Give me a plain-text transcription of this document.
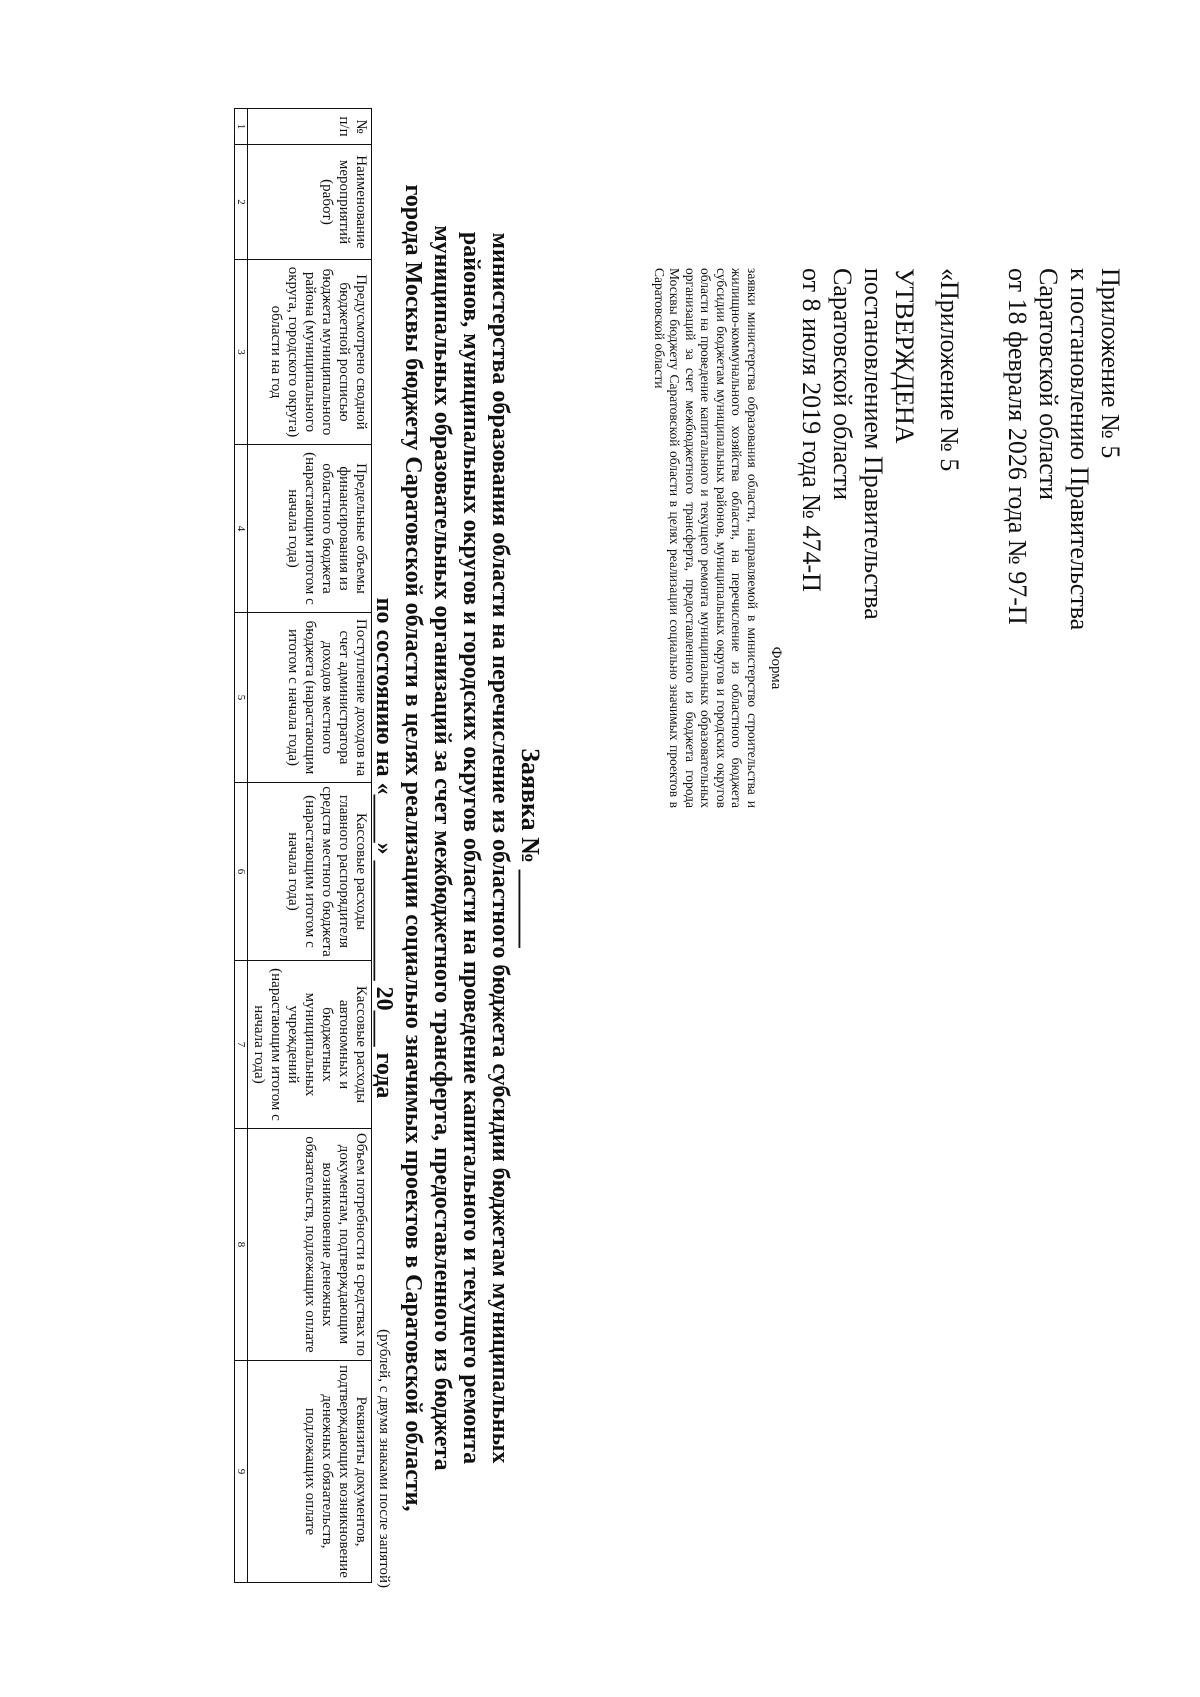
Приложение № 5
к постановлению Правительства
Саратовской области
от 18 февраля 2026 года № 97-П
«Приложение № 5
УТВЕРЖДЕНА
постановлением Правительства
Саратовской области
от 8 июля 2019 года № 474-П
Форма
заявки министерства образования области, направляемой в министерство строительства и жилищно-коммунального хозяйства области, на перечисление из областного бюджета субсидии бюджетам муниципальных районов, муниципальных округов и городских округов области на проведение капитального и текущего ремонта муниципальных образовательных организаций за счет межбюджетного трансферта, предоставленного из бюджета города Москвы бюджету Саратовской области в целях реализации социально значимых проектов в Саратовской области
Заявка № ______
министерства образования области на перечисление из областного бюджета субсидии бюджетам муниципальных
районов, муниципальных округов и городских округов области на проведение капитального и текущего ремонта
муниципальных образовательных организаций за счет межбюджетного трансферта, предоставленного из бюджета
города Москвы бюджету Саратовской области в целях реализации социально значимых проектов в Саратовской области,
по состоянию на «____» __________ 20___ года
(рублей, с двумя знаками после запятой)
№ п/п	Наименование мероприятий (работ)	Предусмотрено сводной бюджетной росписью бюджета муниципального района (муниципального округа, городского округа) области на год	Предельные объемы финансирования из областного бюджета (нарастающим итогом с начала года)	Поступление доходов на счет администратора доходов местного бюджета (нарастающим итогом с начала года)	Кассовые расходы главного распорядителя средств местного бюджета (нарастающим итогом с начала года)	Кассовые расходы автономных и бюджетных муниципальных учреждений (нарастающим итогом с начала года)	Объем потребности в средствах по документам, подтверждающим возникновение денежных обязательств, подлежащих оплате	Реквизиты документов, подтверждающих возникновение денежных обязательств, подлежащих оплате
1	2	3	4	5	6	7	8	9
